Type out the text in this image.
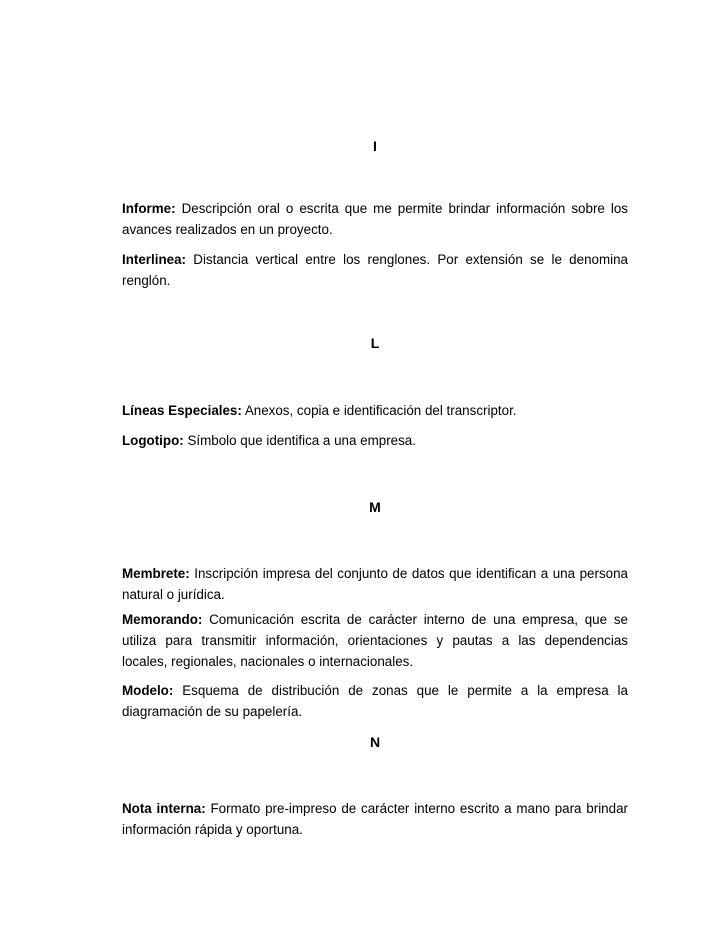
I

Informe: Descripción oral o escrita que me permite brindar información sobre los avances realizados en un proyecto.

Interlinea: Distancia vertical entre los renglones. Por extensión se le denomina renglón.

L

Líneas Especiales: Anexos, copia e identificación del transcriptor.

Logotipo: Símbolo que identifica a una empresa.

M

Membrete: Inscripción impresa del conjunto de datos que identifican a una persona natural o jurídica.

Memorando: Comunicación escrita de carácter interno de una empresa, que se utiliza para transmitir información, orientaciones y pautas a las dependencias locales, regionales, nacionales o internacionales.

Modelo: Esquema de distribución de zonas que le permite a la empresa la diagramación de su papelería.

N

Nota interna: Formato pre-impreso de carácter interno escrito a mano para brindar información rápida y oportuna.
